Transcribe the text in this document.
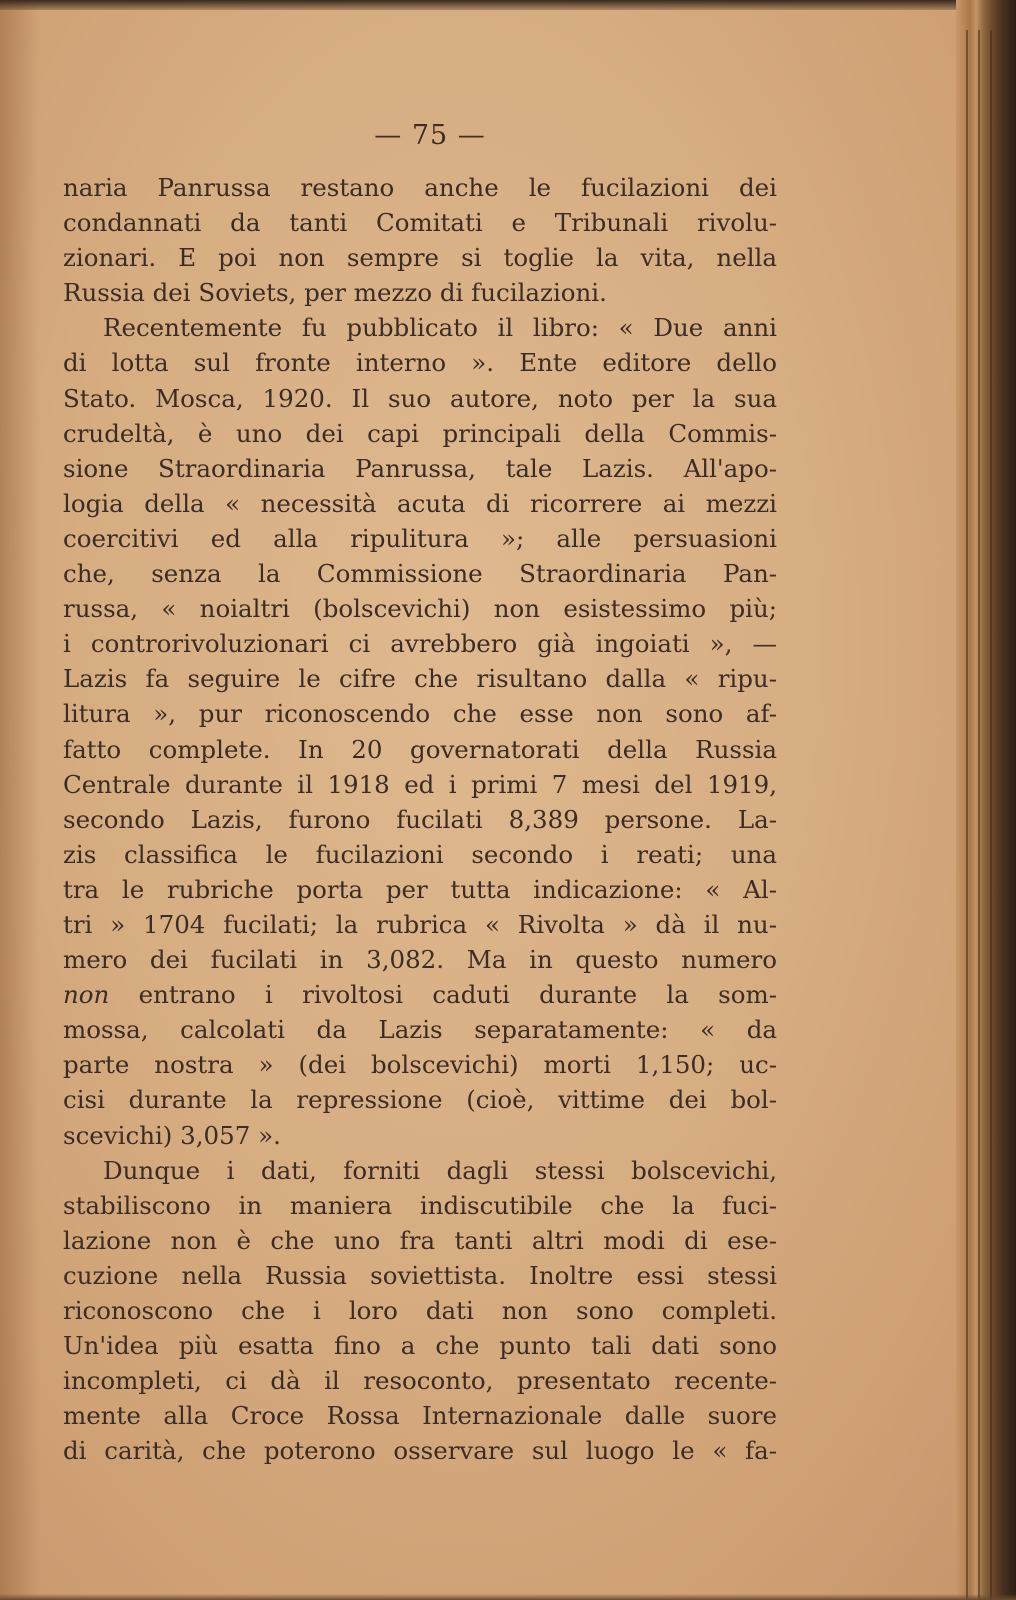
— 75 —
naria Panrussa restano anche le fucilazioni dei
condannati da tanti Comitati e Tribunali rivolu-
zionari. E poi non sempre si toglie la vita, nella
Russia dei Soviets, per mezzo di fucilazioni.
Recentemente fu pubblicato il libro: « Due anni
di lotta sul fronte interno ». Ente editore dello
Stato. Mosca, 1920. Il suo autore, noto per la sua
crudeltà, è uno dei capi principali della Commis-
sione Straordinaria Panrussa, tale Lazis. All'apo-
logia della « necessità acuta di ricorrere ai mezzi
coercitivi ed alla ripulitura »; alle persuasioni
che, senza la Commissione Straordinaria Pan-
russa, « noialtri (bolscevichi) non esistessimo più;
i controrivoluzionari ci avrebbero già ingoiati », —
Lazis fa seguire le cifre che risultano dalla « ripu-
litura », pur riconoscendo che esse non sono af-
fatto complete. In 20 governatorati della Russia
Centrale durante il 1918 ed i primi 7 mesi del 1919,
secondo Lazis, furono fucilati 8,389 persone. La-
zis classifica le fucilazioni secondo i reati; una
tra le rubriche porta per tutta indicazione: « Al-
tri » 1704 fucilati; la rubrica « Rivolta » dà il nu-
mero dei fucilati in 3,082. Ma in questo numero
non entrano i rivoltosi caduti durante la som-
mossa, calcolati da Lazis separatamente: « da
parte nostra » (dei bolscevichi) morti 1,150; uc-
cisi durante la repressione (cioè, vittime dei bol-
scevichi) 3,057 ».
Dunque i dati, forniti dagli stessi bolscevichi,
stabiliscono in maniera indiscutibile che la fuci-
lazione non è che uno fra tanti altri modi di ese-
cuzione nella Russia soviettista. Inoltre essi stessi
riconoscono che i loro dati non sono completi.
Un'idea più esatta fino a che punto tali dati sono
incompleti, ci dà il resoconto, presentato recente-
mente alla Croce Rossa Internazionale dalle suore
di carità, che poterono osservare sul luogo le « fa-
